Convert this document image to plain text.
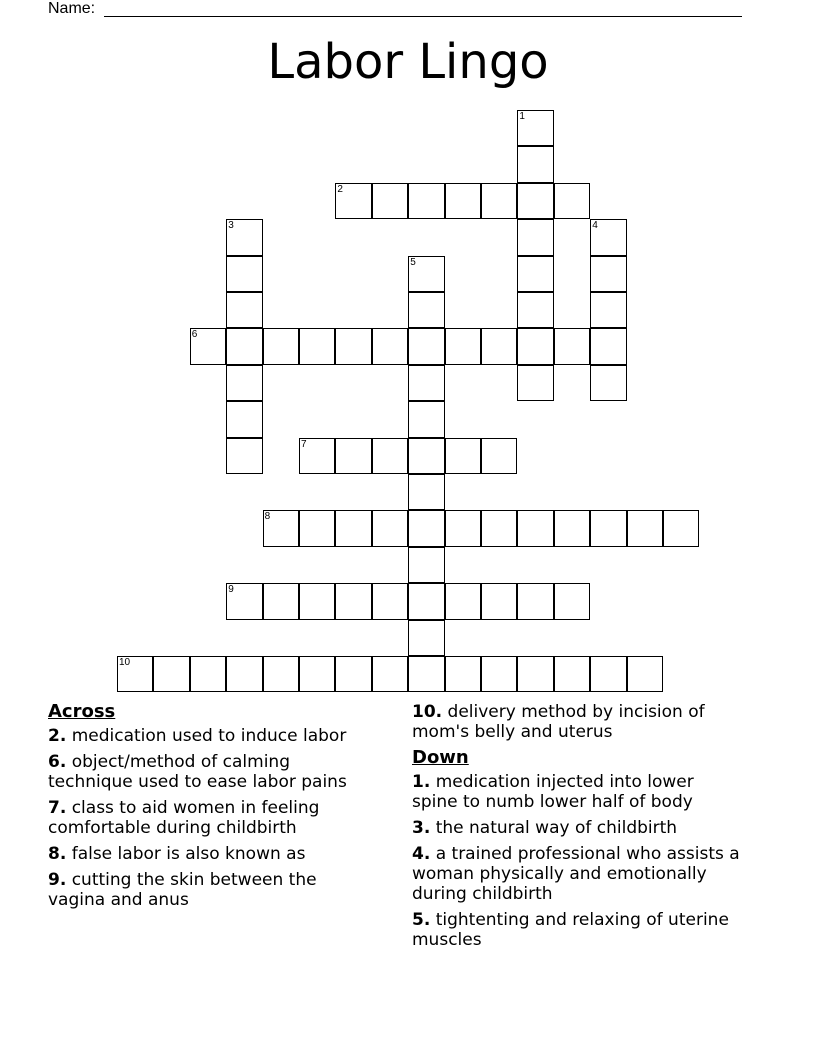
Name:
Labor Lingo
1
2
3	4
5
6
7
8
9
10
Across
2. medication used to induce labor
6. object/method of calming technique used to ease labor pains
7. class to aid women in feeling comfortable during childbirth
8. false labor is also known as
9. cutting the skin between the vagina and anus
10. delivery method by incision of mom's belly and uterus
Down
1. medication injected into lower spine to numb lower half of body
3. the natural way of childbirth
4. a trained professional who assists a woman physically and emotionally during childbirth
5. tightenting and relaxing of uterine muscles
